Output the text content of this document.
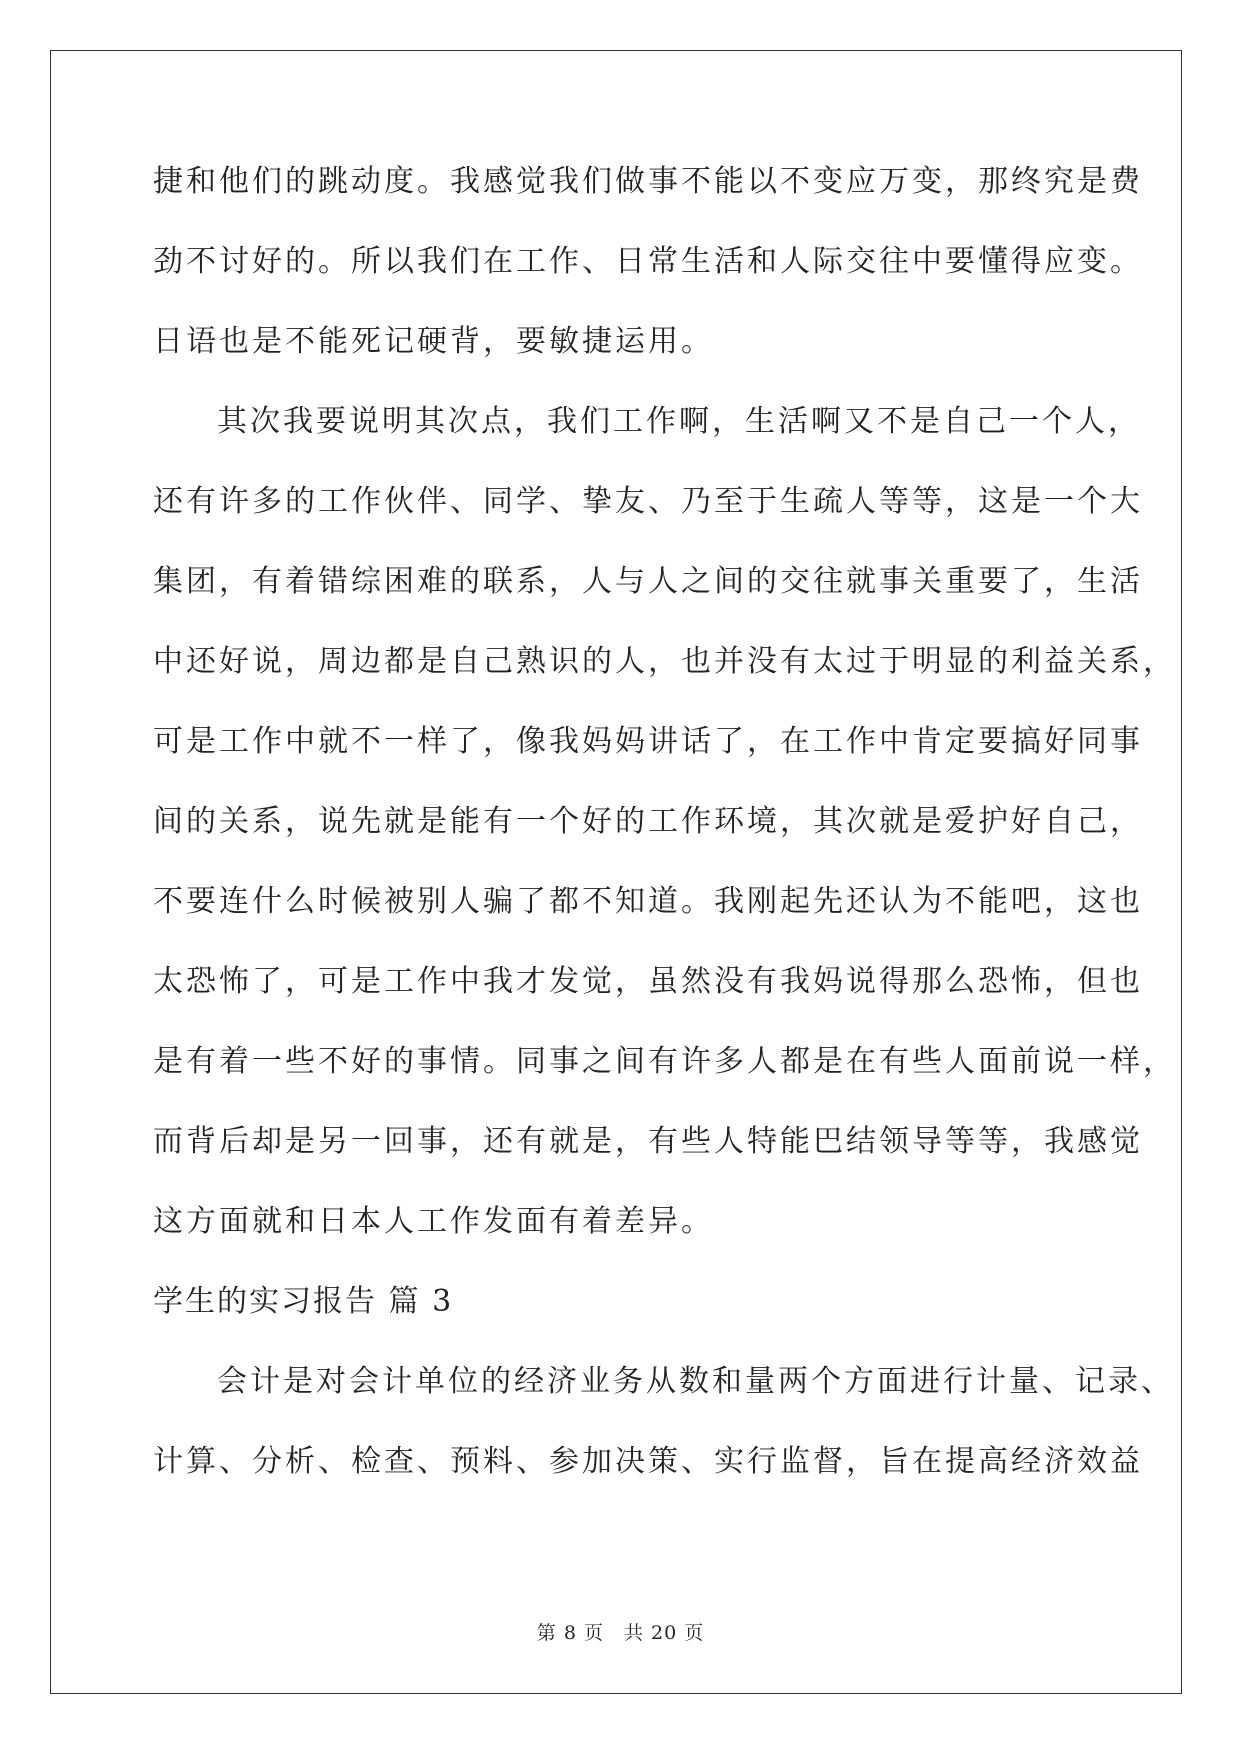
捷和他们的跳动度。我感觉我们做事不能以不变应万变，那终究是费
劲不讨好的。所以我们在工作、日常生活和人际交往中要懂得应变。
日语也是不能死记硬背，要敏捷运用。
其次我要说明其次点，我们工作啊，生活啊又不是自己一个人，
还有许多的工作伙伴、同学、挚友、乃至于生疏人等等，这是一个大
集团，有着错综困难的联系，人与人之间的交往就事关重要了，生活
中还好说，周边都是自己熟识的人，也并没有太过于明显的利益关系，
可是工作中就不一样了，像我妈妈讲话了，在工作中肯定要搞好同事
间的关系，说先就是能有一个好的工作环境，其次就是爱护好自己，
不要连什么时候被别人骗了都不知道。我刚起先还认为不能吧，这也
太恐怖了，可是工作中我才发觉，虽然没有我妈说得那么恐怖，但也
是有着一些不好的事情。同事之间有许多人都是在有些人面前说一样，
而背后却是另一回事，还有就是，有些人特能巴结领导等等，我感觉
这方面就和日本人工作发面有着差异。
学生的实习报告 篇 3
会计是对会计单位的经济业务从数和量两个方面进行计量、记录、
计算、分析、检查、预料、参加决策、实行监督，旨在提高经济效益
第 8 页　共 20 页
